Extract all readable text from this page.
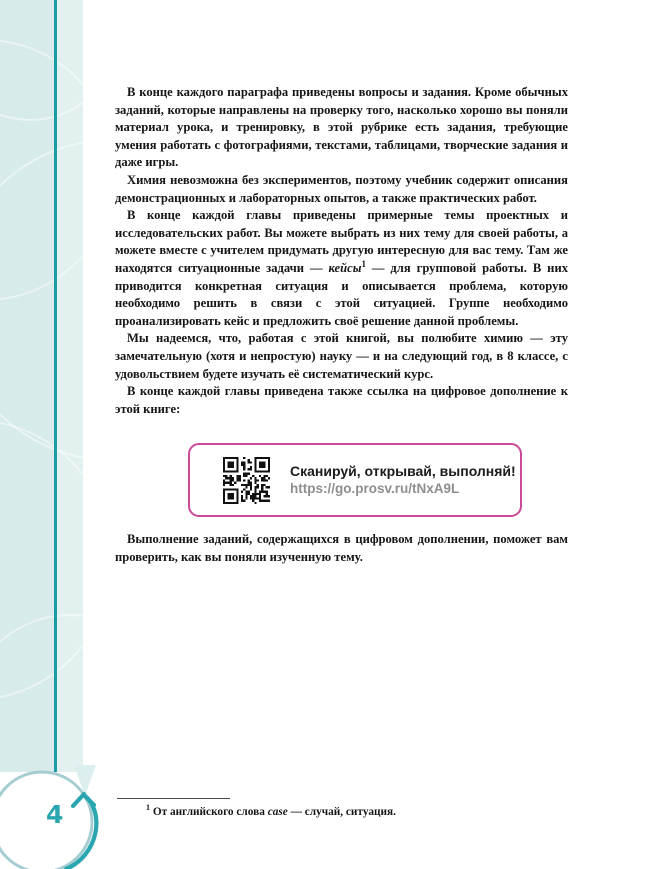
4

В конце каждого параграфа приведены вопросы и задания. Кроме обычных заданий, которые направлены на проверку того, насколько хорошо вы поняли материал урока, и тренировку, в этой рубрике есть задания, требующие умения работать с фотографиями, текстами, таблицами, творческие задания и даже игры.

Химия невозможна без экспериментов, поэтому учебник содержит описания демонстрационных и лабораторных опытов, а также практических работ.

В конце каждой главы приведены примерные темы проектных и исследовательских работ. Вы можете выбрать из них тему для своей работы, а можете вместе с учителем придумать другую интересную для вас тему. Там же находятся ситуационные задачи — кейсы$^1$ — для групповой работы. В них приводится конкретная ситуация и описывается проблема, которую необходимо решить в связи с этой ситуацией. Группе необходимо проанализировать кейс и предложить своё решение данной проблемы.

Мы надеемся, что, работая с этой книгой, вы полюбите химию — эту замечательную (хотя и непростую) науку — и на следующий год, в 8 классе, с удовольствием будете изучать её систематический курс.

В конце каждой главы приведена также ссылка на цифровое дополнение к этой книге:

Сканируй, открывай, выполняй!
https://go.prosv.ru/tNxA9L

Выполнение заданий, содержащихся в цифровом дополнении, поможет вам проверить, как вы поняли изученную тему.

$^1$ От английского слова case — случай, ситуация.
